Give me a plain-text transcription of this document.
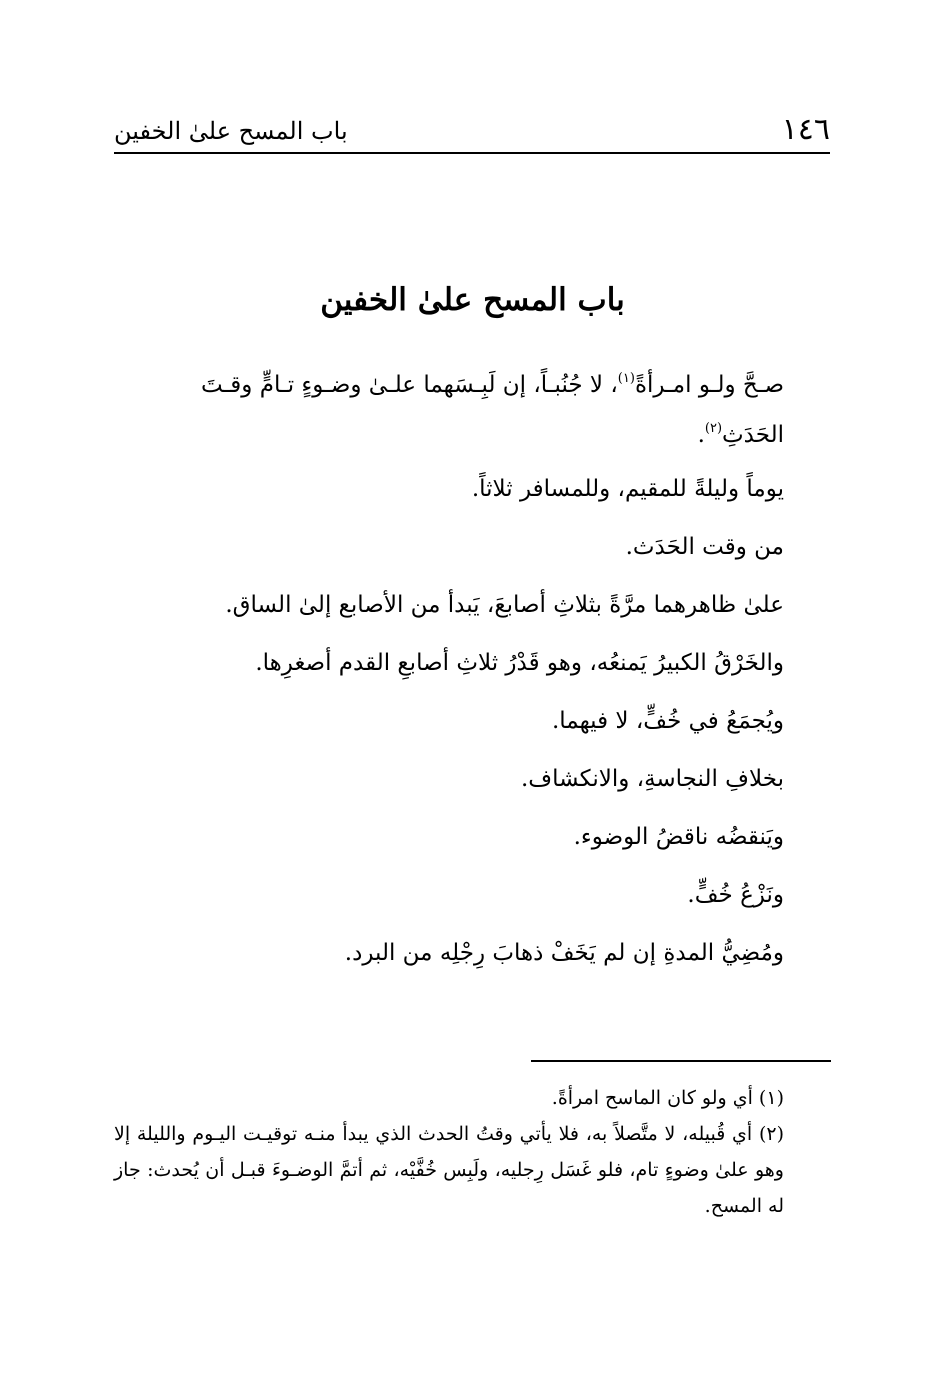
١٤٦
باب المسح علىٰ الخفين
باب المسح علىٰ الخفين

صـحَّ ولـو امـرأةً$^{(١)}$، لا جُنُبـاً، إن لَبِـسَهما علـىٰ وضـوءٍ تـامٍّ وقـتَ
الحَدَثِ$^{(٢)}$.

يوماً وليلةً للمقيم، وللمسافر ثلاثاً.

من وقت الحَدَث.

علىٰ ظاهرهما مرَّةً بثلاثِ أصابعَ، يَبدأ من الأصابع إلىٰ الساق.

والخَرْقُ الكبيرُ يَمنعُه، وهو قَدْرُ ثلاثِ أصابعِ القدم أصغرِها.

ويُجمَعُ في خُفٍّ، لا فيهما.

بخلافِ النجاسةِ، والانكشاف.

ويَنقضُه ناقضُ الوضوء.

ونَزْعُ خُفٍّ.

ومُضِيُّ المدةِ إن لم يَخَفْ ذهابَ رِجْلِه من البرد.

(١) أي ولو كان الماسح امرأةً.

(٢) أي قُبيله، لا متَّصلاً به، فلا يأتي وقتُ الحدث الذي يبدأ منـه توقيـت اليـوم والليلة إلا وهو علىٰ وضوءٍ تام، فلو غَسَل رِجليه، ولَبِس خُفَّيْه، ثم أتمَّ الوضـوءَ قبـل أن يُحدث: جاز له المسح.
